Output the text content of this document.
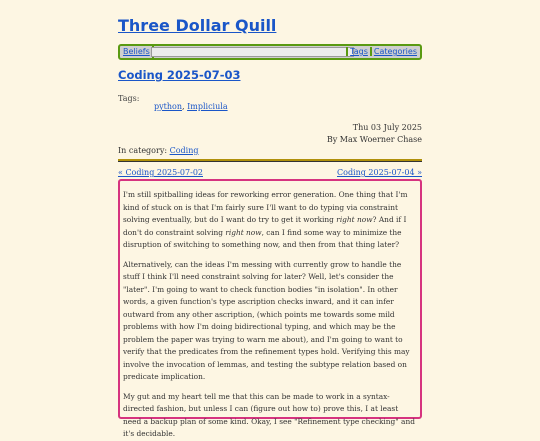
Three Dollar Quill
Beliefs	Tags Categories
Coding 2025-07-03
Tags:
python, Impliciula
Thu 03 July 2025
By Max Woerner Chase
In category: Coding
« Coding 2025-07-02	Coding 2025-07-04 »

I'm still spitballing ideas for reworking error generation. One thing that I'm kind of stuck on is that I'm fairly sure I'll want to do typing via constraint solving eventually, but do I want do try to get it working right now? And if I don't do constraint solving right now, can I find some way to minimize the disruption of switching to something now, and then from that thing later?

Alternatively, can the ideas I'm messing with currently grow to handle the stuff I think I'll need constraint solving for later? Well, let's consider the "later". I'm going to want to check function bodies "in isolation". In other words, a given function's type ascription checks inward, and it can infer outward from any other ascription, (which points me towards some mild problems with how I'm doing bidirectional typing, and which may be the problem the paper was trying to warn me about), and I'm going to want to verify that the predicates from the refinement types hold. Verifying this may involve the invocation of lemmas, and testing the subtype relation based on predicate implication.

My gut and my heart tell me that this can be made to work in a syntax-directed fashion, but unless I can (figure out how to) prove this, I at least need a backup plan of some kind. Okay, I see "Refinement type checking" and it's decidable.
